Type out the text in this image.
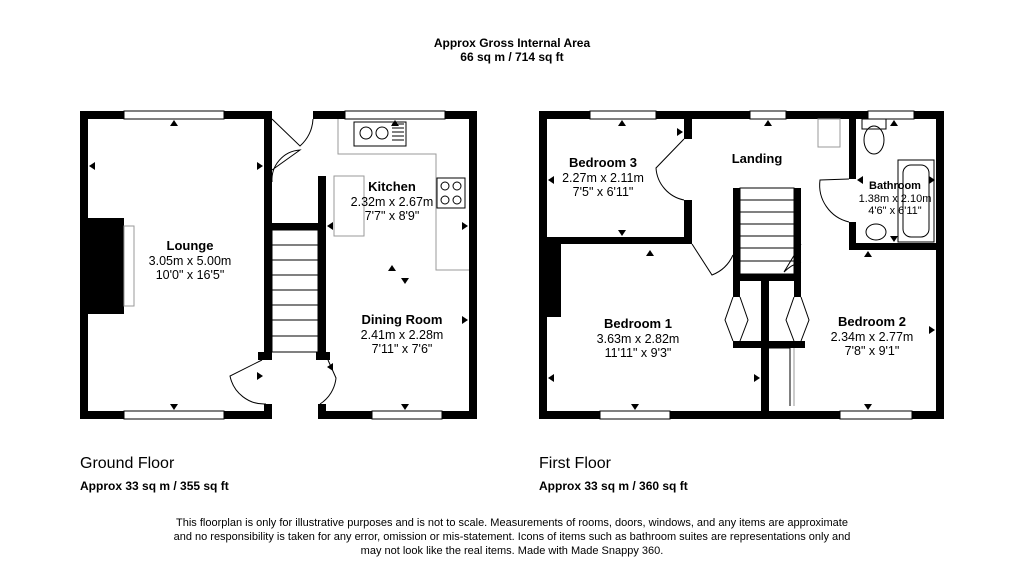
Approx Gross Internal Area
66 sq m / 714 sq ft
Lounge
3.05m x 5.00m
10'0" x 16'5"
Kitchen
2.32m x 2.67m
7'7" x 8'9"
Dining Room
2.41m x 2.28m
7'11" x 7'6"
Bedroom 3
2.27m x 2.11m
7'5" x 6'11"
Landing
Bathroom
1.38m x 2.10m
4'6" x 6'11"
Bedroom 1
3.63m x 2.82m
11'11" x 9'3"
Bedroom 2
2.34m x 2.77m
7'8" x 9'1"
Ground Floor
Approx 33 sq m / 355 sq ft
First Floor
Approx 33 sq m / 360 sq ft
This floorplan is only for illustrative purposes and is not to scale. Measurements of rooms, doors, windows, and any items are approximate
and no responsibility is taken for any error, omission or mis-statement. Icons of items such as bathroom suites are representations only and
may not look like the real items. Made with Made Snappy 360.
